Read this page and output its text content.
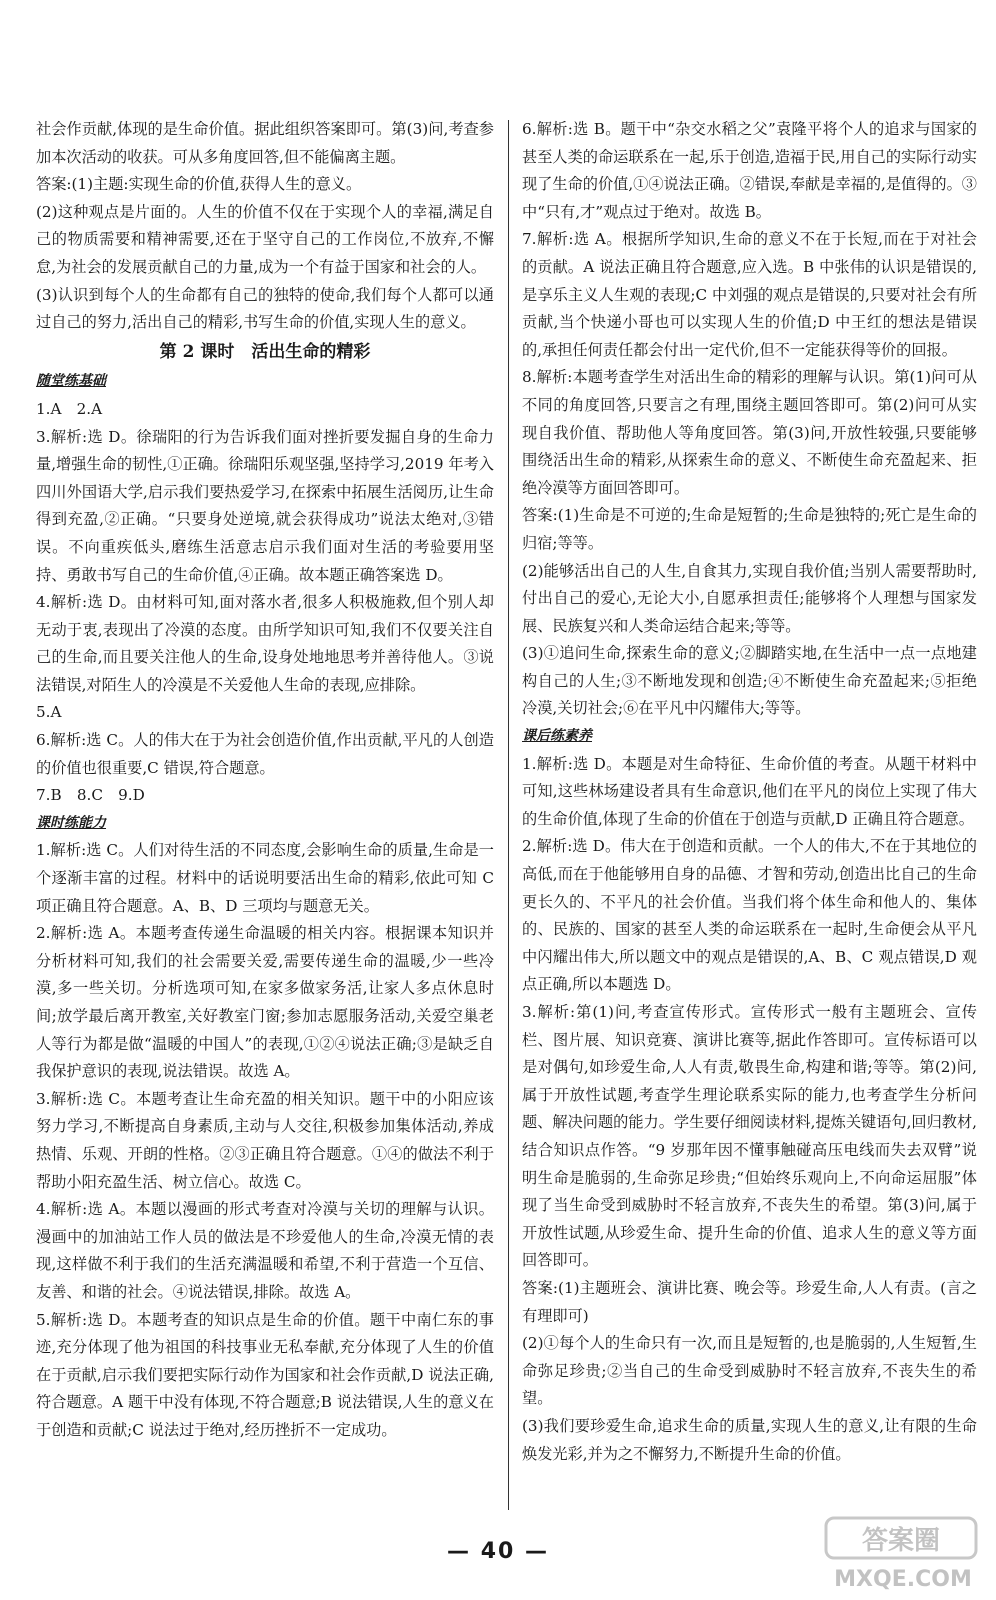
社会作贡献,体现的是生命价值。据此组织答案即可。第(3)问,考查参加本次活动的收获。可从多角度回答,但不能偏离主题。
答案:(1)主题:实现生命的价值,获得人生的意义。
(2)这种观点是片面的。人生的价值不仅在于实现个人的幸福,满足自己的物质需要和精神需要,还在于坚守自己的工作岗位,不放弃,不懈怠,为社会的发展贡献自己的力量,成为一个有益于国家和社会的人。
(3)认识到每个人的生命都有自己的独特的使命,我们每个人都可以通过自己的努力,活出自己的精彩,书写生命的价值,实现人生的意义。
第 2 课时　活出生命的精彩
随堂练基础
1.A　2.A
3.解析:选 D。徐瑞阳的行为告诉我们面对挫折要发掘自身的生命力量,增强生命的韧性,①正确。徐瑞阳乐观坚强,坚持学习,2019 年考入四川外国语大学,启示我们要热爱学习,在探索中拓展生活阅历,让生命得到充盈,②正确。“只要身处逆境,就会获得成功”说法太绝对,③错误。不向重疾低头,磨练生活意志启示我们面对生活的考验要用坚持、勇敢书写自己的生命价值,④正确。故本题正确答案选 D。
4.解析:选 D。由材料可知,面对落水者,很多人积极施救,但个别人却无动于衷,表现出了冷漠的态度。由所学知识可知,我们不仅要关注自己的生命,而且要关注他人的生命,设身处地地思考并善待他人。③说法错误,对陌生人的冷漠是不关爱他人生命的表现,应排除。
5.A
6.解析:选 C。人的伟大在于为社会创造价值,作出贡献,平凡的人创造的价值也很重要,C 错误,符合题意。
7.B　8.C　9.D
课时练能力
1.解析:选 C。人们对待生活的不同态度,会影响生命的质量,生命是一个逐渐丰富的过程。材料中的话说明要活出生命的精彩,依此可知 C 项正确且符合题意。A、B、D 三项均与题意无关。
2.解析:选 A。本题考查传递生命温暖的相关内容。根据课本知识并分析材料可知,我们的社会需要关爱,需要传递生命的温暖,少一些冷漠,多一些关切。分析选项可知,在家多做家务活,让家人多点休息时间;放学最后离开教室,关好教室门窗;参加志愿服务活动,关爱空巢老人等行为都是做“温暖的中国人”的表现,①②④说法正确;③是缺乏自我保护意识的表现,说法错误。故选 A。
3.解析:选 C。本题考查让生命充盈的相关知识。题干中的小阳应该努力学习,不断提高自身素质,主动与人交往,积极参加集体活动,养成热情、乐观、开朗的性格。②③正确且符合题意。①④的做法不利于帮助小阳充盈生活、树立信心。故选 C。
4.解析:选 A。本题以漫画的形式考查对冷漠与关切的理解与认识。漫画中的加油站工作人员的做法是不珍爱他人的生命,冷漠无情的表现,这样做不利于我们的生活充满温暖和希望,不利于营造一个互信、友善、和谐的社会。④说法错误,排除。故选 A。
5.解析:选 D。本题考查的知识点是生命的价值。题干中南仁东的事迹,充分体现了他为祖国的科技事业无私奉献,充分体现了人生的价值在于贡献,启示我们要把实际行动作为国家和社会作贡献,D 说法正确,符合题意。A 题干中没有体现,不符合题意;B 说法错误,人生的意义在于创造和贡献;C 说法过于绝对,经历挫折不一定成功。
6.解析:选 B。题干中“杂交水稻之父”袁隆平将个人的追求与国家的甚至人类的命运联系在一起,乐于创造,造福于民,用自己的实际行动实现了生命的价值,①④说法正确。②错误,奉献是幸福的,是值得的。③中“只有,才”观点过于绝对。故选 B。
7.解析:选 A。根据所学知识,生命的意义不在于长短,而在于对社会的贡献。A 说法正确且符合题意,应入选。B 中张伟的认识是错误的,是享乐主义人生观的表现;C 中刘强的观点是错误的,只要对社会有所贡献,当个快递小哥也可以实现人生的价值;D 中王红的想法是错误的,承担任何责任都会付出一定代价,但不一定能获得等价的回报。
8.解析:本题考查学生对活出生命的精彩的理解与认识。第(1)问可从不同的角度回答,只要言之有理,围绕主题回答即可。第(2)问可从实现自我价值、帮助他人等角度回答。第(3)问,开放性较强,只要能够围绕活出生命的精彩,从探索生命的意义、不断使生命充盈起来、拒绝冷漠等方面回答即可。
答案:(1)生命是不可逆的;生命是短暂的;生命是独特的;死亡是生命的归宿;等等。
(2)能够活出自己的人生,自食其力,实现自我价值;当别人需要帮助时,付出自己的爱心,无论大小,自愿承担责任;能够将个人理想与国家发展、民族复兴和人类命运结合起来;等等。
(3)①追问生命,探索生命的意义;②脚踏实地,在生活中一点一点地建构自己的人生;③不断地发现和创造;④不断使生命充盈起来;⑤拒绝冷漠,关切社会;⑥在平凡中闪耀伟大;等等。
课后练素养
1.解析:选 D。本题是对生命特征、生命价值的考查。从题干材料中可知,这些林场建设者具有生命意识,他们在平凡的岗位上实现了伟大的生命价值,体现了生命的价值在于创造与贡献,D 正确且符合题意。
2.解析:选 D。伟大在于创造和贡献。一个人的伟大,不在于其地位的高低,而在于他能够用自身的品德、才智和劳动,创造出比自己的生命更长久的、不平凡的社会价值。当我们将个体生命和他人的、集体的、民族的、国家的甚至人类的命运联系在一起时,生命便会从平凡中闪耀出伟大,所以题文中的观点是错误的,A、B、C 观点错误,D 观点正确,所以本题选 D。
3.解析:第(1)问,考查宣传形式。宣传形式一般有主题班会、宣传栏、图片展、知识竞赛、演讲比赛等,据此作答即可。宣传标语可以是对偶句,如珍爱生命,人人有责,敬畏生命,构建和谐;等等。第(2)问,属于开放性试题,考查学生理论联系实际的能力,也考查学生分析问题、解决问题的能力。学生要仔细阅读材料,提炼关键语句,回归教材,结合知识点作答。“9 岁那年因不懂事触碰高压电线而失去双臂”说明生命是脆弱的,生命弥足珍贵;“但始终乐观向上,不向命运屈服”体现了当生命受到威胁时不轻言放弃,不丧失生的希望。第(3)问,属于开放性试题,从珍爱生命、提升生命的价值、追求人生的意义等方面回答即可。
答案:(1)主题班会、演讲比赛、晚会等。珍爱生命,人人有责。(言之有理即可)
(2)①每个人的生命只有一次,而且是短暂的,也是脆弱的,人生短暂,生命弥足珍贵;②当自己的生命受到威胁时不轻言放弃,不丧失生的希望。
(3)我们要珍爱生命,追求生命的质量,实现人生的意义,让有限的生命焕发光彩,并为之不懈努力,不断提升生命的价值。
— 40 —	答案圈
MXQE.COM
